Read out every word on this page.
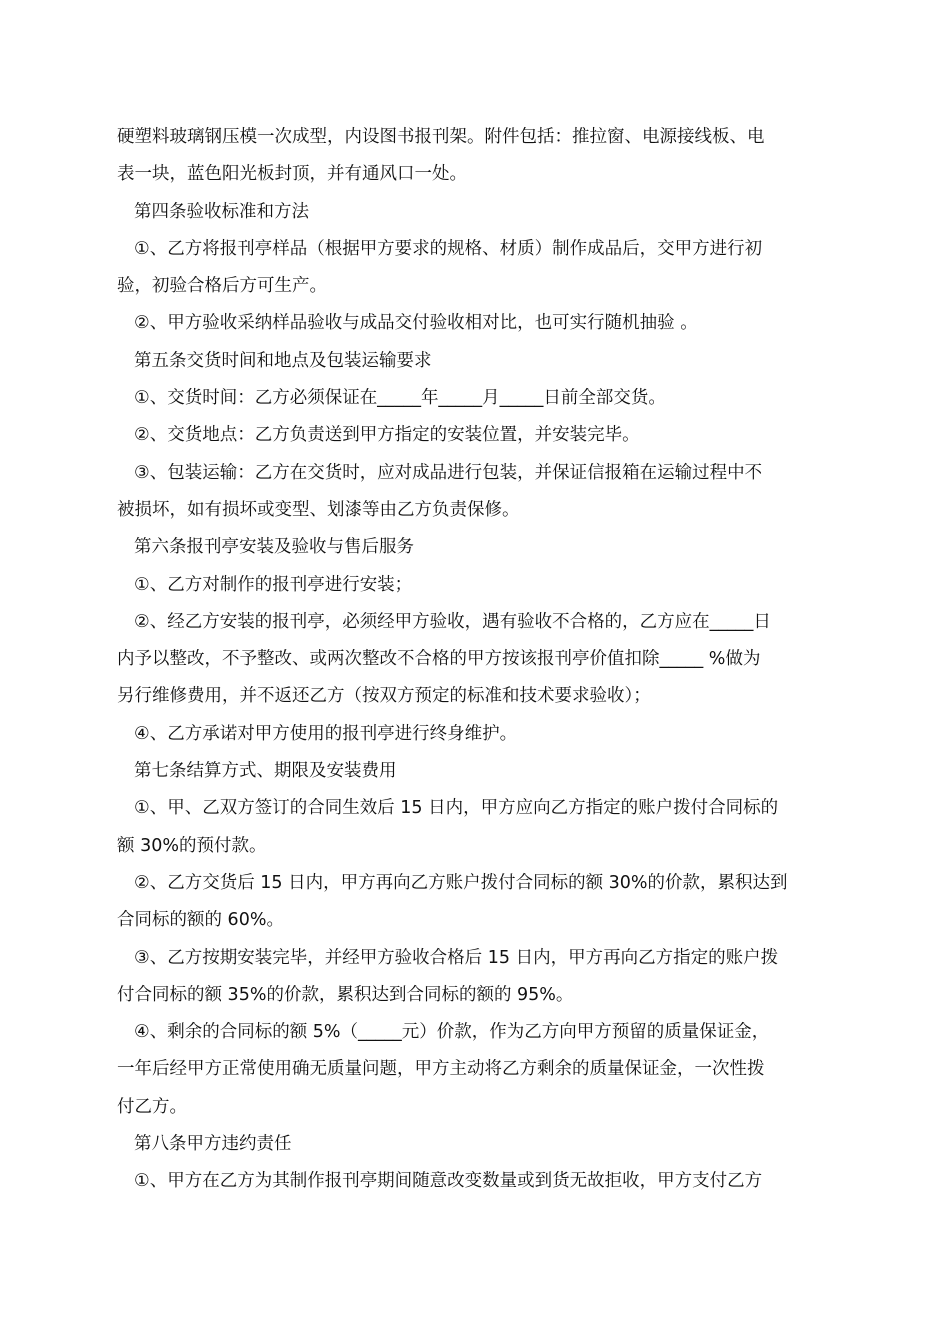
硬塑料玻璃钢压模一次成型，内设图书报刊架。附件包括：推拉窗、电源接线板、电
表一块，蓝色阳光板封顶，并有通风口一处。
第四条验收标准和方法
①、乙方将报刊亭样品（根据甲方要求的规格、材质）制作成品后，交甲方进行初
验，初验合格后方可生产。
②、甲方验收采纳样品验收与成品交付验收相对比，也可实行随机抽验 。
第五条交货时间和地点及包装运输要求
①、交货时间：乙方必须保证在_____年_____月_____日前全部交货。
②、交货地点：乙方负责送到甲方指定的安装位置，并安装完毕。
③、包装运输：乙方在交货时，应对成品进行包装，并保证信报箱在运输过程中不
被损坏，如有损坏或变型、划漆等由乙方负责保修。
第六条报刊亭安装及验收与售后服务
①、乙方对制作的报刊亭进行安装；
②、经乙方安装的报刊亭，必须经甲方验收，遇有验收不合格的，乙方应在_____日
内予以整改，不予整改、或两次整改不合格的甲方按该报刊亭价值扣除_____ %做为
另行维修费用，并不返还乙方（按双方预定的标准和技术要求验收）；
④、乙方承诺对甲方使用的报刊亭进行终身维护。
第七条结算方式、期限及安装费用
①、甲、乙双方签订的合同生效后 15 日内，甲方应向乙方指定的账户拨付合同标的
额 30%的预付款。
②、乙方交货后 15 日内，甲方再向乙方账户拨付合同标的额 30%的价款，累积达到
合同标的额的 60%。
③、乙方按期安装完毕，并经甲方验收合格后 15 日内，甲方再向乙方指定的账户拨
付合同标的额 35%的价款，累积达到合同标的额的 95%。
④、剩余的合同标的额 5%（_____元）价款，作为乙方向甲方预留的质量保证金，
一年后经甲方正常使用确无质量问题，甲方主动将乙方剩余的质量保证金，一次性拨
付乙方。
第八条甲方违约责任
①、甲方在乙方为其制作报刊亭期间随意改变数量或到货无故拒收，甲方支付乙方
